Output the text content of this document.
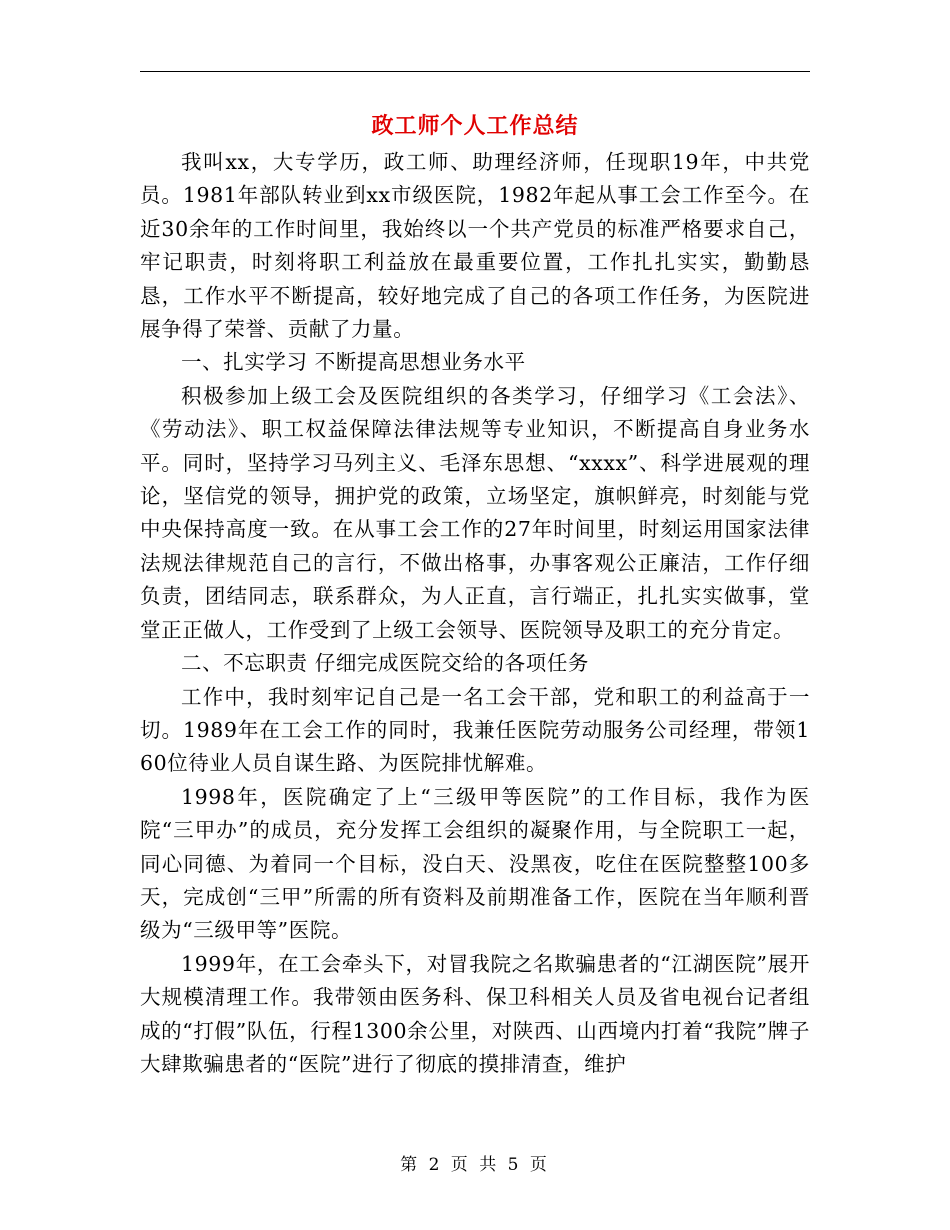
政工师个人工作总结

我叫xx，大专学历，政工师、助理经济师，任现职19年，中共党员。1981年部队转业到xx市级医院，1982年起从事工会工作至今。在近30余年的工作时间里，我始终以一个共产党员的标准严格要求自己，牢记职责，时刻将职工利益放在最重要位置，工作扎扎实实，勤勤恳恳，工作水平不断提高，较好地完成了自己的各项工作任务，为医院进展争得了荣誉、贡献了力量。

一、扎实学习 不断提高思想业务水平

积极参加上级工会及医院组织的各类学习，仔细学习《工会法》、《劳动法》、职工权益保障法律法规等专业知识，不断提高自身业务水平。同时，坚持学习马列主义、毛泽东思想、“xxxx”、科学进展观的理论，坚信党的领导，拥护党的政策，立场坚定，旗帜鲜亮，时刻能与党中央保持高度一致。在从事工会工作的27年时间里，时刻运用国家法律法规法律规范自己的言行，不做出格事，办事客观公正廉洁，工作仔细负责，团结同志，联系群众，为人正直，言行端正，扎扎实实做事，堂堂正正做人，工作受到了上级工会领导、医院领导及职工的充分肯定。

二、不忘职责 仔细完成医院交给的各项任务

工作中，我时刻牢记自己是一名工会干部，党和职工的利益高于一切。1989年在工会工作的同时，我兼任医院劳动服务公司经理，带领160位待业人员自谋生路、为医院排忧解难。

1998年，医院确定了上“三级甲等医院”的工作目标，我作为医院“三甲办”的成员，充分发挥工会组织的凝聚作用，与全院职工一起，同心同德、为着同一个目标，没白天、没黑夜，吃住在医院整整100多天，完成创“三甲”所需的所有资料及前期准备工作，医院在当年顺利晋级为“三级甲等”医院。

1999年，在工会牵头下，对冒我院之名欺骗患者的“江湖医院”展开大规模清理工作。我带领由医务科、保卫科相关人员及省电视台记者组成的“打假”队伍，行程1300余公里，对陕西、山西境内打着“我院”牌子大肆欺骗患者的“医院”进行了彻底的摸排清查，维护

第 2 页 共 5 页
